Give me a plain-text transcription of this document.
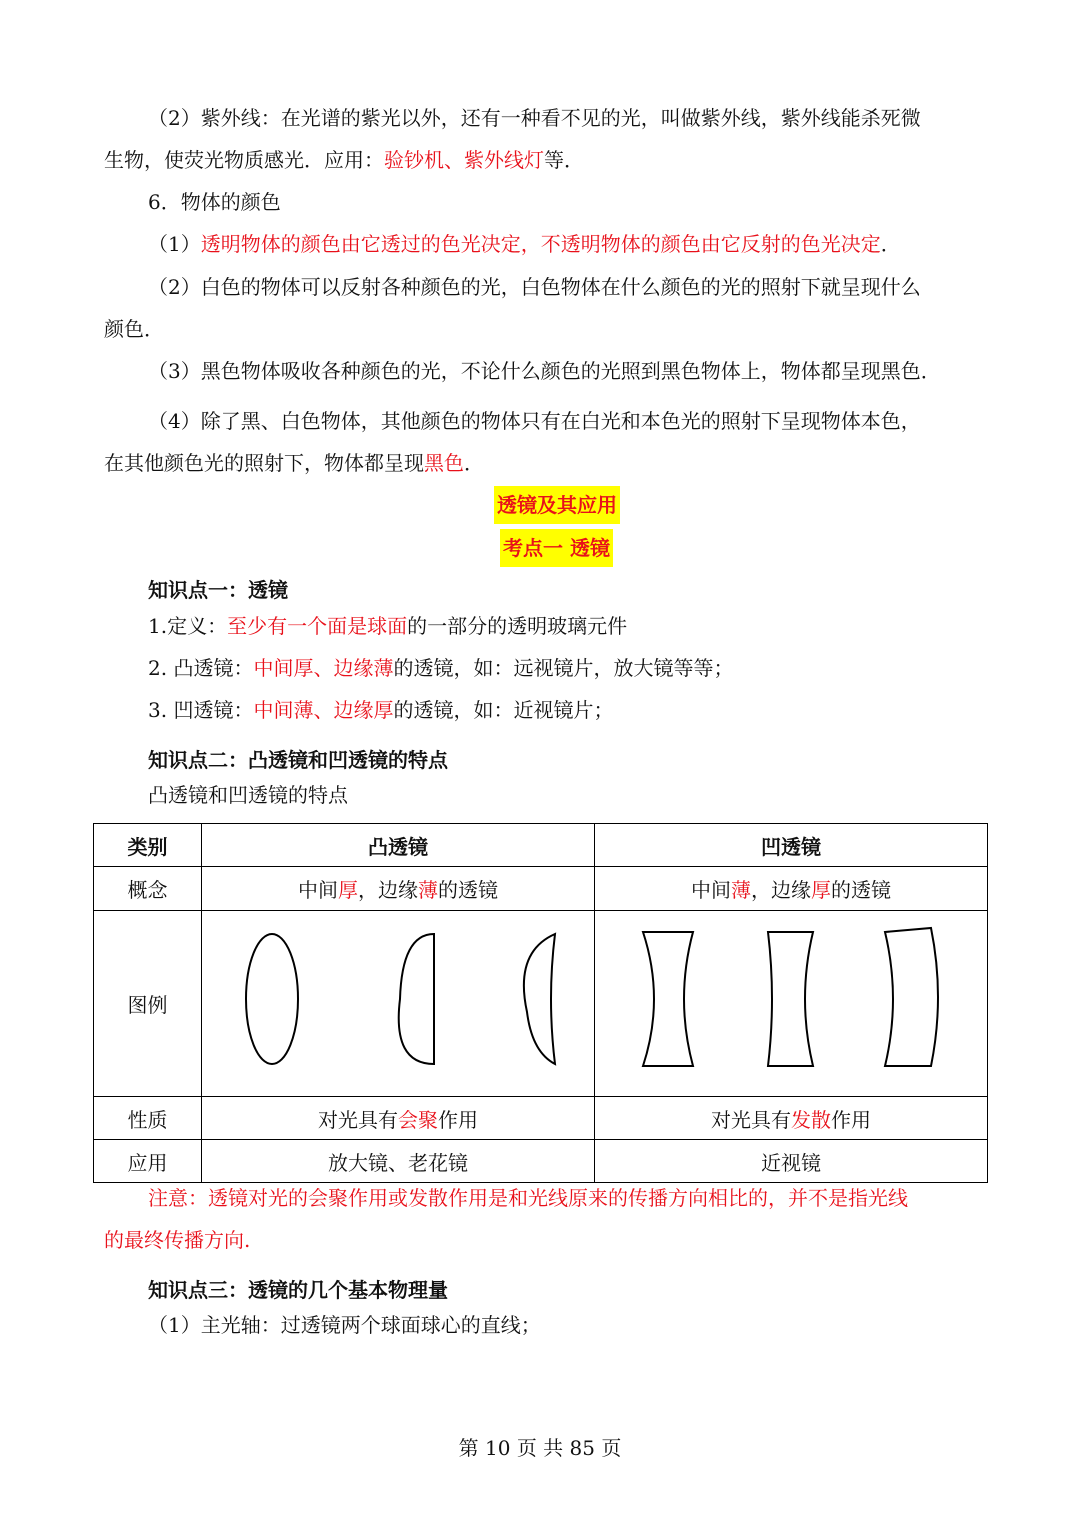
（2）紫外线：在光谱的紫光以外，还有一种看不见的光，叫做紫外线，紫外线能杀死微
生物，使荧光物质感光．应用：验钞机、紫外线灯等．
6．物体的颜色
（1）透明物体的颜色由它透过的色光决定，不透明物体的颜色由它反射的色光决定．
（2）白色的物体可以反射各种颜色的光，白色物体在什么颜色的光的照射下就呈现什么
颜色．
（3）黑色物体吸收各种颜色的光，不论什么颜色的光照到黑色物体上，物体都呈现黑色．
（4）除了黑、白色物体，其他颜色的物体只有在白光和本色光的照射下呈现物体本色，
在其他颜色光的照射下，物体都呈现黑色．
透镜及其应用
考点一 透镜
知识点一：透镜
1.定义：至少有一个面是球面的一部分的透明玻璃元件
2. 凸透镜：中间厚、边缘薄的透镜，如：远视镜片，放大镜等等；
3. 凹透镜：中间薄、边缘厚的透镜，如：近视镜片；
知识点二：凸透镜和凹透镜的特点
凸透镜和凹透镜的特点
类别	凸透镜	凹透镜
概念	中间厚，边缘薄的透镜	中间薄，边缘厚的透镜
图例	

性质	对光具有会聚作用	对光具有发散作用
应用	放大镜、老花镜	近视镜
注意：透镜对光的会聚作用或发散作用是和光线原来的传播方向相比的，并不是指光线
的最终传播方向.
知识点三：透镜的几个基本物理量
（1）主光轴：过透镜两个球面球心的直线；
第 10 页 共 85 页
